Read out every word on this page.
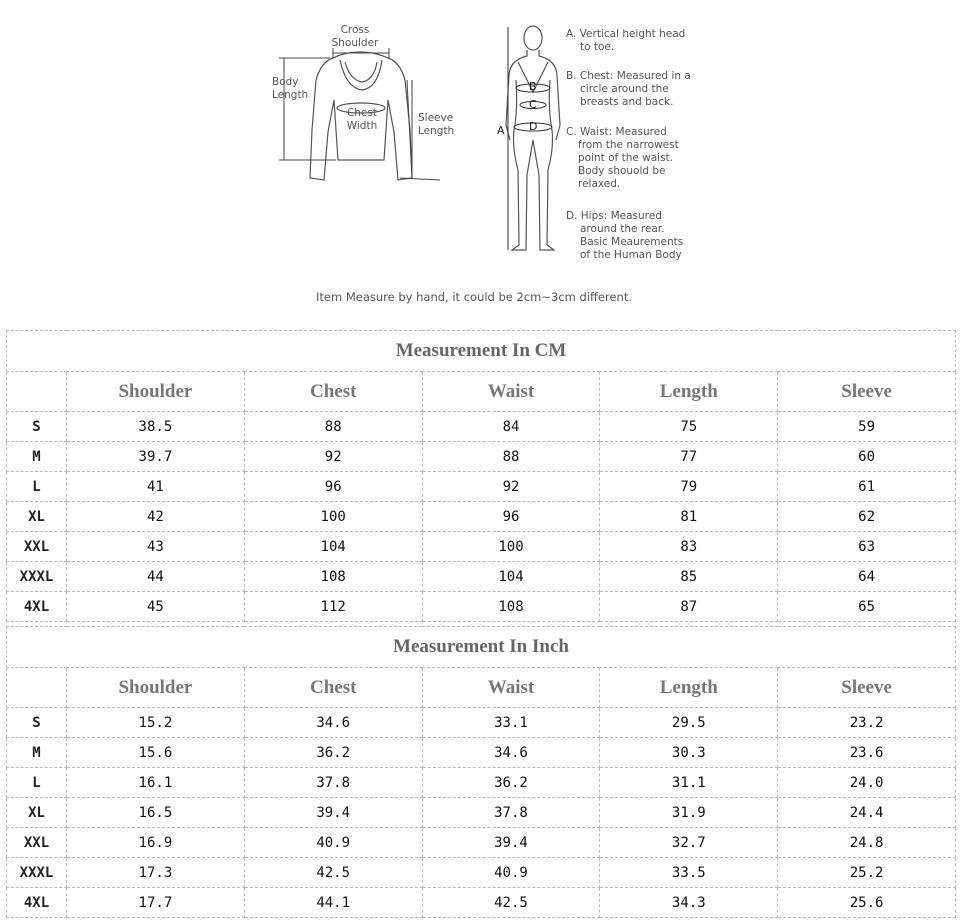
Cross
Shoulder
Body
Length
Chest
Width
Sleeve
Length	A
B
C
D
A. Vertical height head
to toe.
B. Chest: Measured in a
circle around the
breasts and back.
C. Waist: Measured
from the narrowest
point of the waist.
Body shouold be
relaxed.
D. Hips: Measured
around the rear.
Basic Meaurements
of the Human Body
Item Measure by hand, it could be 2cm~3cm different.
Measurement In CM					
	Shoulder	Chest	Waist	Length	Sleeve
S	38.5	88	84	75	59
M	39.7	92	88	77	60
L	41	96	92	79	61
XL	42	100	96	81	62
XXL	43	104	100	83	63
XXXL	44	108	104	85	64
4XL	45	112	108	87	65
Measurement In Inch					
	Shoulder	Chest	Waist	Length	Sleeve
S	15.2	34.6	33.1	29.5	23.2
M	15.6	36.2	34.6	30.3	23.6
L	16.1	37.8	36.2	31.1	24.0
XL	16.5	39.4	37.8	31.9	24.4
XXL	16.9	40.9	39.4	32.7	24.8
XXXL	17.3	42.5	40.9	33.5	25.2
4XL	17.7	44.1	42.5	34.3	25.6
